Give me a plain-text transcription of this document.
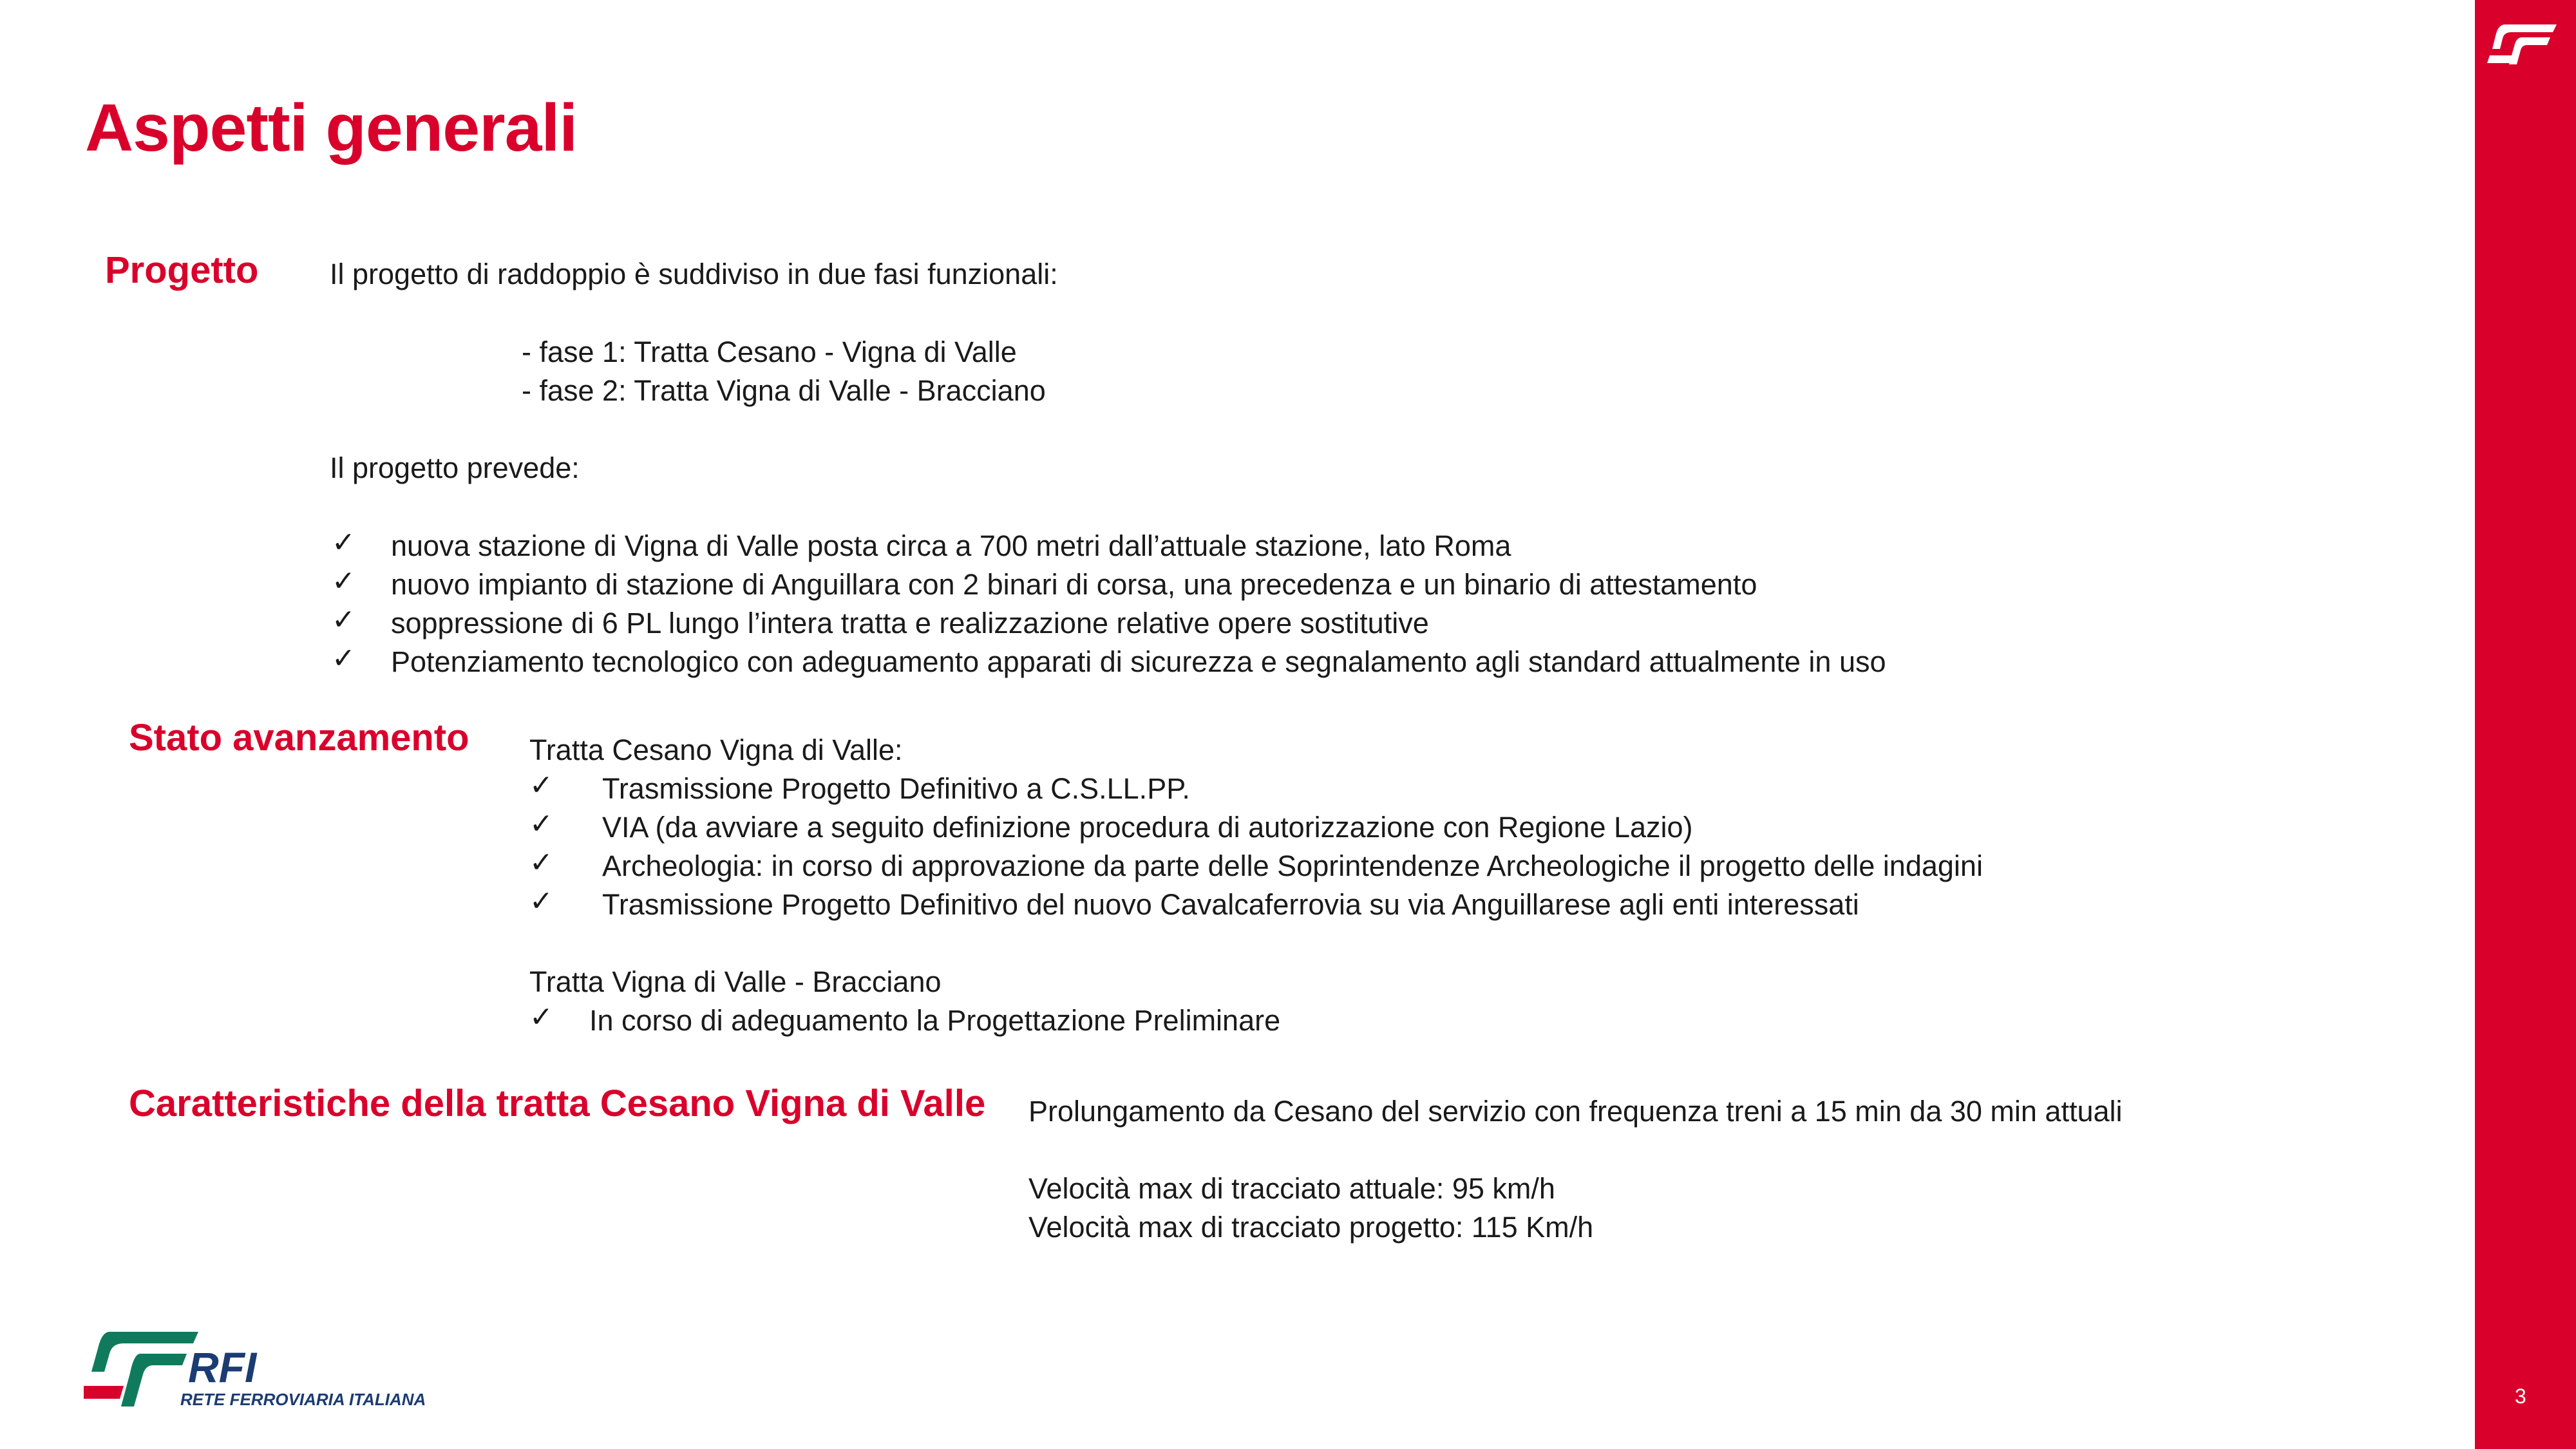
3
Aspetti generali
Progetto Il progetto di raddoppio è suddiviso in due fasi funzionali:
- fase 1: Tratta Cesano - Vigna di Valle
- fase 2: Tratta Vigna di Valle - Bracciano
Il progetto prevede:
✓ nuova stazione di Vigna di Valle posta circa a 700 metri dall’attuale stazione, lato Roma
✓ nuovo impianto di stazione di Anguillara con 2 binari di corsa, una precedenza e un binario di attestamento
✓ soppressione di 6 PL lungo l’intera tratta e realizzazione relative opere sostitutive
✓ Potenziamento tecnologico con adeguamento apparati di sicurezza e segnalamento agli standard attualmente in uso
Stato avanzamento Tratta Cesano Vigna di Valle:
✓ Trasmissione Progetto Definitivo a C.S.LL.PP.
✓ VIA (da avviare a seguito definizione procedura di autorizzazione con Regione Lazio)
✓ Archeologia: in corso di approvazione da parte delle Soprintendenze Archeologiche il progetto delle indagini
✓ Trasmissione Progetto Definitivo del nuovo Cavalcaferrovia su via Anguillarese agli enti interessati
Tratta Vigna di Valle - Bracciano
✓ In corso di adeguamento la Progettazione Preliminare
Caratteristiche della tratta Cesano Vigna di Valle Prolungamento da Cesano del servizio con frequenza treni a 15 min da 30 min attuali
Velocità max di tracciato attuale: 95 km/h
Velocità max di tracciato progetto: 115 Km/h
RFI
RETE FERROVIARIA ITALIANA
